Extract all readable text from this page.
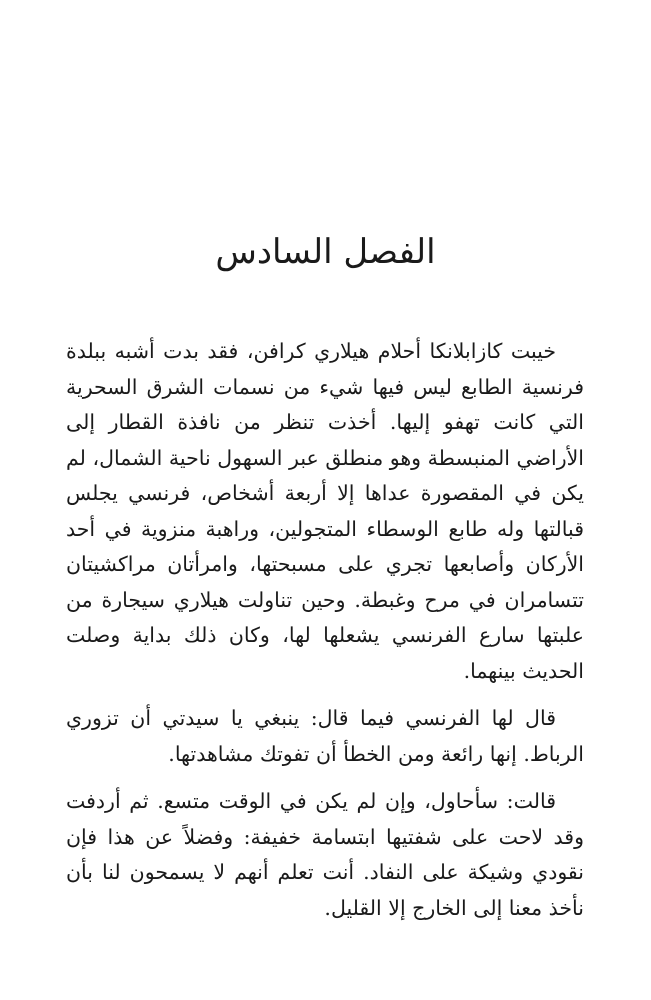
الفصل السادس

خيبت كازابلانكا أحلام هيلاري كرافن، فقد بدت أشبه ببلدة فرنسية الطابع ليس فيها شيء من نسمات الشرق السحرية التي كانت تهفو إليها. أخذت تنظر من نافذة القطار إلى الأراضي المنبسطة وهو منطلق عبر السهول ناحية الشمال، لم يكن في المقصورة عداها إلا أربعة أشخاص، فرنسي يجلس قبالتها وله طابع الوسطاء المتجولين، وراهبة منزوية في أحد الأركان وأصابعها تجري على مسبحتها، وامرأتان مراكشيتان تتسامران في مرح وغبطة. وحين تناولت هيلاري سيجارة من علبتها سارع الفرنسي يشعلها لها، وكان ذلك بداية وصلت الحديث بينهما.

قال لها الفرنسي فيما قال: ينبغي يا سيدتي أن تزوري الرباط. إنها رائعة ومن الخطأ أن تفوتك مشاهدتها.

قالت: سأحاول، وإن لم يكن في الوقت متسع. ثم أردفت وقد لاحت على شفتيها ابتسامة خفيفة: وفضلاً عن هذا فإن نقودي وشيكة على النفاد. أنت تعلم أنهم لا يسمحون لنا بأن نأخذ معنا إلى الخارج إلا القليل.
